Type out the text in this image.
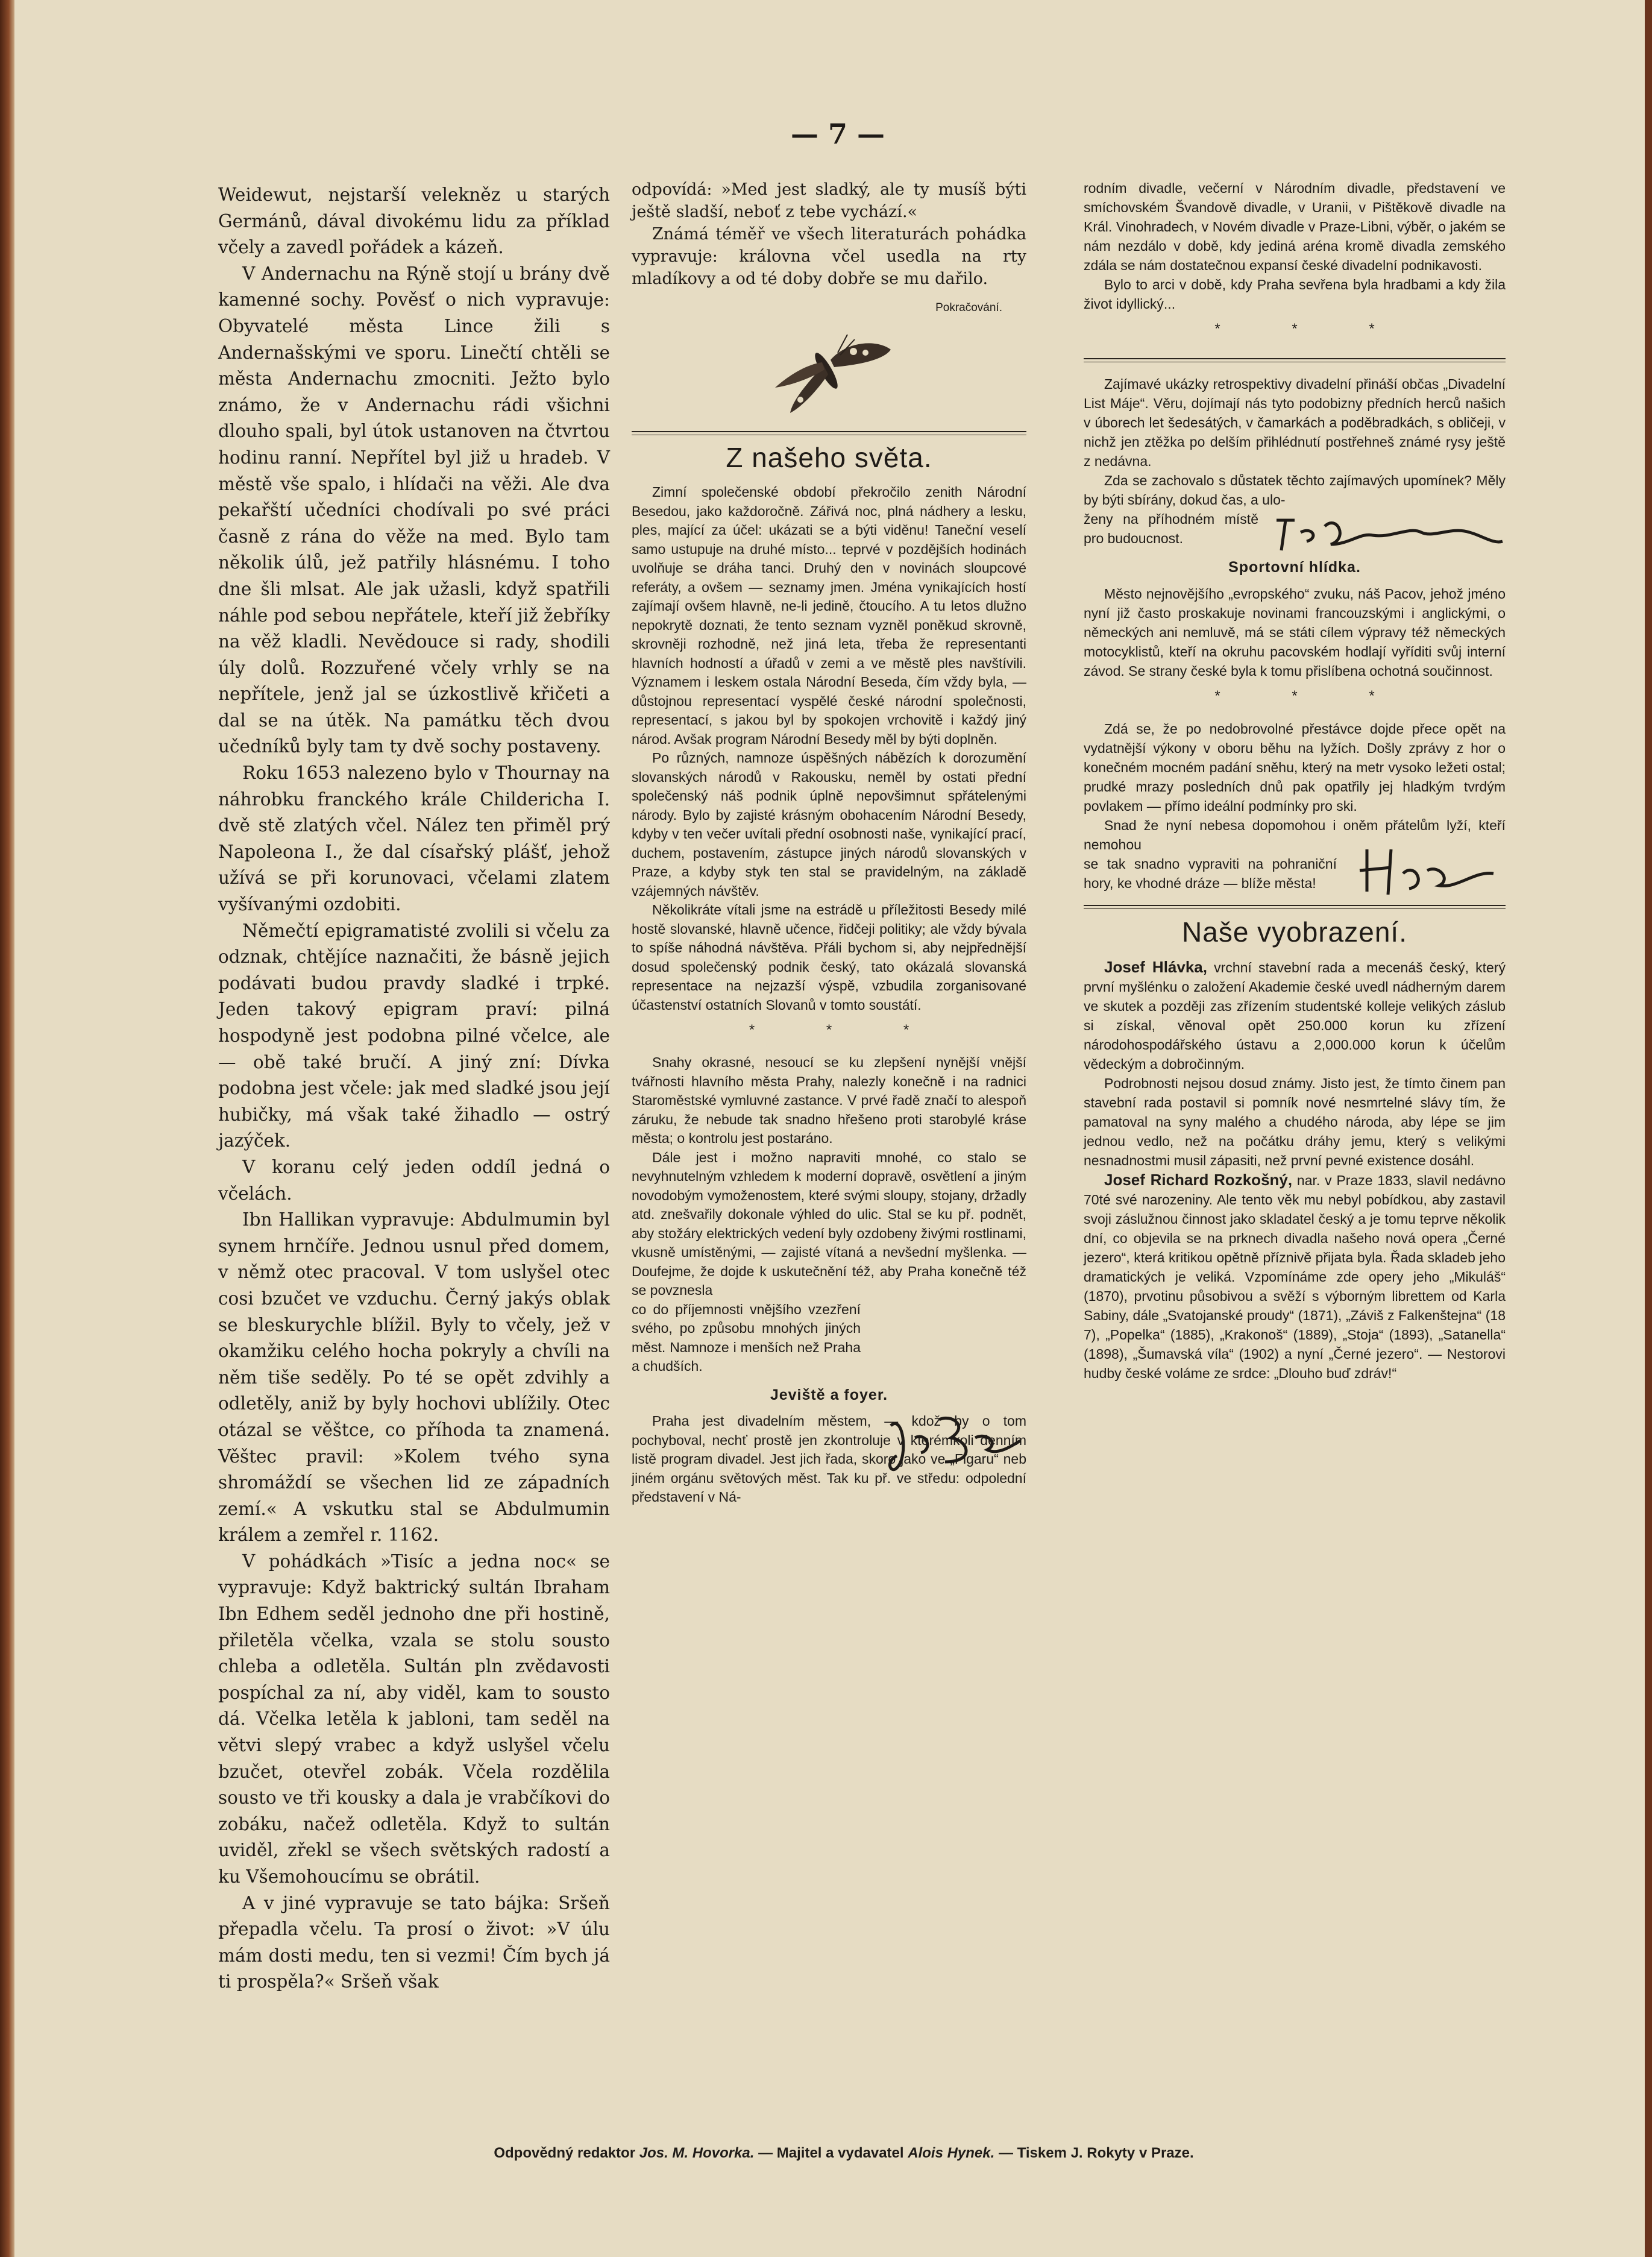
— 7 —

Weidewut, nejstarší velekněz u starých Germánů, dával divokému lidu za příklad včely a zavedl pořádek a kázeň.

V Andernachu na Rýně stojí u brány dvě kamenné sochy. Pověsť o nich vypravuje: Obyvatelé města Lince žili s Andernašskými ve sporu. Linečtí chtěli se města Andernachu zmocniti. Ježto bylo známo, že v Andernachu rádi všichni dlouho spali, byl útok ustanoven na čtvrtou hodinu ranní. Nepřítel byl již u hradeb. V městě vše spalo, i hlídači na věži. Ale dva pekařští učedníci chodívali po své práci časně z rána do věže na med. Bylo tam několik úlů, jež patřily hlásnému. I toho dne šli mlsat. Ale jak užasli, když spatřili náhle pod sebou nepřátele, kteří již žebříky na věž kladli. Nevědouce si rady, shodili úly dolů. Rozzuřené včely vrhly se na nepřítele, jenž jal se úzkostlivě křičeti a dal se na útěk. Na památku těch dvou učedníků byly tam ty dvě sochy postaveny.

Roku 1653 nalezeno bylo v Thournay na náhrobku franckého krále Childericha I. dvě stě zlatých včel. Nález ten přiměl prý Napoleona I., že dal císařský plášť, jehož užívá se při korunovaci, včelami zlatem vyšívanými ozdobiti.

Němečtí epigramatisté zvolili si včelu za odznak, chtějíce naznačiti, že básně jejich podávati budou pravdy sladké i trpké. Jeden takový epigram praví: pilná hospodyně jest podobna pilné včelce, ale — obě také bručí. A jiný zní: Dívka podobna jest včele: jak med sladké jsou její hubičky, má však také žihadlo — ostrý jazýček.

V koranu celý jeden oddíl jedná o včelách.

Ibn Hallikan vypravuje: Abdulmumin byl synem hrnčíře. Jednou usnul před domem, v němž otec pracoval. V tom uslyšel otec cosi bzučet ve vzduchu. Černý jakýs oblak se bleskurychle blížil. Byly to včely, jež v okamžiku celého hocha pokryly a chvíli na něm tiše seděly. Po té se opět zdvihly a odletěly, aniž by byly hochovi ublížily. Otec otázal se věštce, co příhoda ta znamená. Věštec pravil: »Kolem tvého syna shromáždí se všechen lid ze západních zemí.« A vskutku stal se Abdulmumin králem a zemřel r. 1162.

V pohádkách »Tisíc a jedna noc« se vypravuje: Když baktrický sultán Ibraham Ibn Edhem seděl jednoho dne při hostině, přiletěla včelka, vzala se stolu sousto chleba a odletěla. Sultán pln zvědavosti pospíchal za ní, aby viděl, kam to sousto dá. Včelka letěla k jabloni, tam seděl na větvi slepý vrabec a když uslyšel včelu bzučet, otevřel zobák. Včela rozdělila sousto ve tři kousky a dala je vrabčíkovi do zobáku, načež odletěla. Když to sultán uviděl, zřekl se všech světských radostí a ku Všemohoucímu se obrátil.

A v jiné vypravuje se tato bájka: Sršeň přepadla včelu. Ta prosí o život: »V úlu mám dosti medu, ten si vezmi! Čím bych já ti prospěla?« Sršeň však

odpovídá: »Med jest sladký, ale ty musíš býti ještě sladší, neboť z tebe vychází.«

Známá téměř ve všech literaturách pohádka vypravuje: královna včel usedla na rty mladíkovy a od té doby dobře se mu dařilo.

Pokračování.

Z našeho světa.

Zimní společenské období překročilo zenith Národní Besedou, jako každoročně. Zářivá noc, plná nádhery a lesku, ples, mající za účel: ukázati se a býti viděnu! Taneční veselí samo ustupuje na druhé místo... teprvé v pozdějších hodinách uvolňuje se dráha tanci. Druhý den v novinách sloupcové referáty, a ovšem — seznamy jmen. Jména vynikajících hostí zajímají ovšem hlavně, ne-li jedině, čtoucího. A tu letos dlužno nepokrytě doznati, že tento seznam vyzněl poněkud skrovně, skrovněji rozhodně, než jiná leta, třeba že representanti hlavních hodností a úřadů v zemi a ve městě ples navštívili. Významem i leskem ostala Národní Beseda, čím vždy byla, — důstojnou representací vyspělé české národní společnosti, representací, s jakou byl by spokojen vrchovitě i každý jiný národ. Avšak program Národní Besedy měl by býti doplněn.

Po různých, namnoze úspěšných nábězích k dorozumění slovanských národů v Rakousku, neměl by ostati přední společenský náš podnik úplně nepovšimnut spřátelenými národy. Bylo by zajisté krásným obohacením Národní Besedy, kdyby v ten večer uvítali přední osobnosti naše, vynikající prací, duchem, postavením, zástupce jiných národů slovanských v Praze, a kdyby styk ten stal se pravidelným, na základě vzájemných návštěv.

Několikráte vítali jsme na estrádě u příležitosti Besedy milé hostě slovanské, hlavně učence, řidčeji politiky; ale vždy bývala to spíše náhodná návštěva. Přáli bychom si, aby nejpřednější dosud společenský podnik český, tato okázalá slovanská representace na nejzazší výspě, vzbudila zorganisované účastenství ostatních Slovanů v tomto soustátí.

* * *

Snahy okrasné, nesoucí se ku zlepšení nynější vnější tvářnosti hlavního města Prahy, nalezly konečně i na radnici Staroměstské vymluvné zastance. V prvé řadě značí to alespoň záruku, že nebude tak snadno hřešeno proti starobylé kráse města; o kontrolu jest postaráno.

Dále jest i možno napraviti mnohé, co stalo se nevyhnutelným vzhledem k moderní dopravě, osvětlení a jiným novodobým vymoženostem, které svými sloupy, stojany, držadly atd. znešvařily dokonale výhled do ulic. Stal se ku př. podnět, aby stožáry elektrických vedení byly ozdobeny živými rostlinami, vkusně umístěnými, — zajisté vítaná a nevšední myšlenka. — Doufejme, že dojde k uskutečnění též, aby Praha konečně též se povznesla

co do příjemnosti vnějšího vzezření svého, po způsobu mnohých jiných měst. Namnoze i menších než Praha a chudších.

Jeviště a foyer.

Praha jest divadelním městem, — kdož by o tom pochyboval, nechť prostě jen zkontroluje v kterémkoli denním listě program divadel. Jest jich řada, skoro jako ve „Figaru“ neb jiném orgánu světových měst. Tak ku př. ve středu: odpolední představení v Ná-

rodním divadle, večerní v Národním divadle, představení ve smíchovském Švandově divadle, v Uranii, v Pištěkově divadle na Král. Vinohradech, v Novém divadle v Praze-Libni, výběr, o jakém se nám nezdálo v době, kdy jediná aréna kromě divadla zemského zdála se nám dostatečnou expansí české divadelní podnikavosti.

Bylo to arci v době, kdy Praha sevřena byla hradbami a kdy žila život idyllický...

* * *

Zajímavé ukázky retrospektivy divadelní přináší občas „Divadelní List Máje“. Věru, dojímají nás tyto podobizny předních herců našich v úborech let šedesátých, v čamarkách a poděbradkách, s obličeji, v nichž jen ztěžka po delším přihlédnutí postřehneš známé rysy ještě z nedávna.

Zda se zachovalo s důstatek těchto zajímavých upomínek? Měly by býti sbírány, dokud čas, a ulo-

ženy na příhodném místě pro budoucnost.

Sportovní hlídka.

Město nejnovějšího „evropského“ zvuku, náš Pacov, jehož jméno nyní již často proskakuje novinami francouzskými i anglickými, o německých ani nemluvě, má se státi cílem výpravy též německých motocyklistů, kteří na okruhu pacovském hodlají vyříditi svůj interní závod. Se strany české byla k tomu přislíbena ochotná součinnost.

* * *

Zdá se, že po nedobrovolné přestávce dojde přece opět na vydatnější výkony v oboru běhu na lyžích. Došly zprávy z hor o konečném mocném padání sněhu, který na metr vysoko ležeti ostal; prudké mrazy posledních dnů pak opatřily jej hladkým tvrdým povlakem — přímo ideální podmínky pro ski.

Snad že nyní nebesa dopomohou i oněm přátelům lyží, kteří nemohou

se tak snadno vypraviti na pohraniční hory, ke vhodné dráze — blíže města!

Naše vyobrazení.

Josef Hlávka, vrchní stavební rada a mecenáš český, který první myšlénku o založení Akademie české uvedl nádherným darem ve skutek a později zas zřízením studentské kolleje velikých záslub si získal, věnoval opět 250.000 korun ku zřízení národohospodářského ústavu a 2,000.000 korun k účelům vědeckým a dobročinným.

Podrobnosti nejsou dosud známy. Jisto jest, že tímto činem pan stavební rada postavil si pomník nové nesmrtelné slávy tím, že pamatoval na syny malého a chudého národa, aby lépe se jim jednou vedlo, než na počátku dráhy jemu, který s velikými nesnadnostmi musil zápasiti, než první pevné existence dosáhl.

Josef Richard Rozkošný, nar. v Praze 1833, slavil nedávno 70té své narozeniny. Ale tento věk mu nebyl pobídkou, aby zastavil svoji záslužnou činnost jako skladatel český a je tomu teprve několik dní, co objevila se na prknech divadla našeho nová opera „Černé jezero“, která kritikou opětně příznivě přijata byla. Řada skladeb jeho dramatických je veliká. Vzpomínáme zde opery jeho „Mikuláš“ (1870), prvotinu působivou a svěží s výborným librettem od Karla Sabiny, dále „Svatojanské proudy“ (1871), „Záviš z Falkenštejna“ (18 7), „Popelka“ (1885), „Krakonoš“ (1889), „Stoja“ (1893), „Satanella“ (1898), „Šumavská víla“ (1902) a nyní „Černé jezero“. — Nestorovi hudby české voláme ze srdce: „Dlouho buď zdráv!“

Odpovědný redaktor Jos. M. Hovorka. — Majitel a vydavatel Alois Hynek. — Tiskem J. Rokyty v Praze.
